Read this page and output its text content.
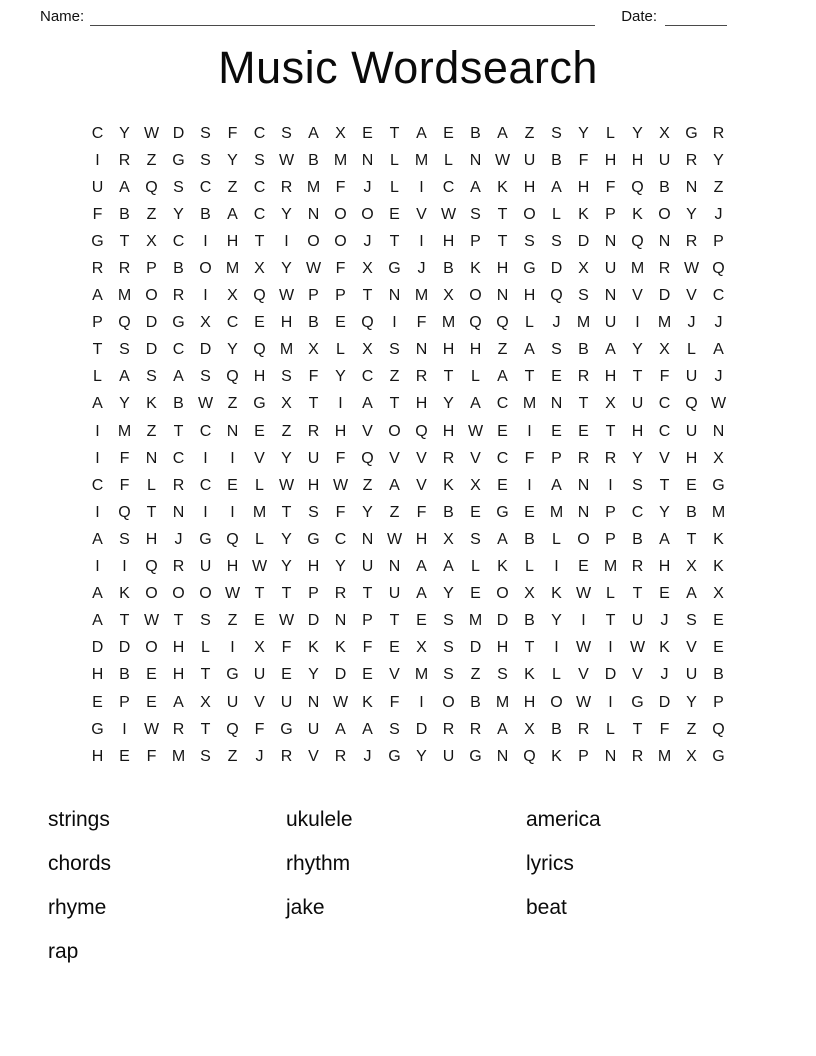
Name:	Date:
Music Wordsearch
C Y W D S	F	C S	A	X	E	T	A	E	B	A	Z	S	Y	L	Y	X G R
I	R	Z G S	Y	S W B M N	L M L	N W U B	F	H H U R Y
U A Q S C	Z	C R M F	J	L	I	C A	K H A H	F Q B N	Z
F	B	Z	Y	B	A C Y N O O E	V W S	T O	L	K	P	K O Y	J
G T	X C	I	H	T	I	O O	J	T	I	H P	T	S	S D N Q N R P
R R P	B O M X	Y W F	X G	J	B	K H G D X U M R W Q
A M O R	I	X Q W P	P	T	N M X O N H Q S N V D V C
P Q D G X C E H B	E Q	I	F M Q Q	L	J	M U	I	M	J	J
T	S D C D Y Q M X	L	X	S N H H	Z	A	S	B	A	Y	X	L	A
L	A	S	A	S Q H S	F	Y C	Z	R	T	L	A	T	E R H	T	F	U	J
A	Y	K	B W Z G X	T	I	A	T	H Y	A C M N	T	X U C Q W
I	M Z	T	C N E	Z	R H V O Q H W E	I	E	E	T	H C U N
I	F	N C	I	I	V	Y U	F Q V	V R V C	F	P R R Y	V H X
C	F	L	R C E	L W H W Z	A	V	K	X	E	I	A N	I	S	T	E G
I	Q T	N	I	I	M T	S	F	Y	Z	F	B	E G E M N P C Y	B M
A	S H	J	G Q	L	Y G C N W H X	S	A	B	L	O P	B	A	T	K
I	I	Q R U H W Y H Y U N A	A	L	K	L	I	E M R H X	K
A	K O O O W T	T	P R	T	U A	Y	E O X	K W L	T	E	A	X
A	T W T	S	Z	E W D N P	T	E	S M D B	Y	I	T	U	J	S	E
D D O H	L	I	X	F	K	K	F	E	X	S D H	T	I	W	I	W K	V	E
H B	E H	T G U E	Y D E	V M S	Z	S	K	L	V D V	J	U B
E	P	E	A	X U V U N W K	F	I	O B M H O W	I	G D Y	P
G	I	W R	T Q F G U A	A	S D R R A	X	B R	L	T	F	Z Q
H E	F M S	Z	J	R V R	J	G Y U G N Q K	P N R M X G
strings	ukulele	america
chords	rhythm	lyrics
rhyme	jake	beat
rap
